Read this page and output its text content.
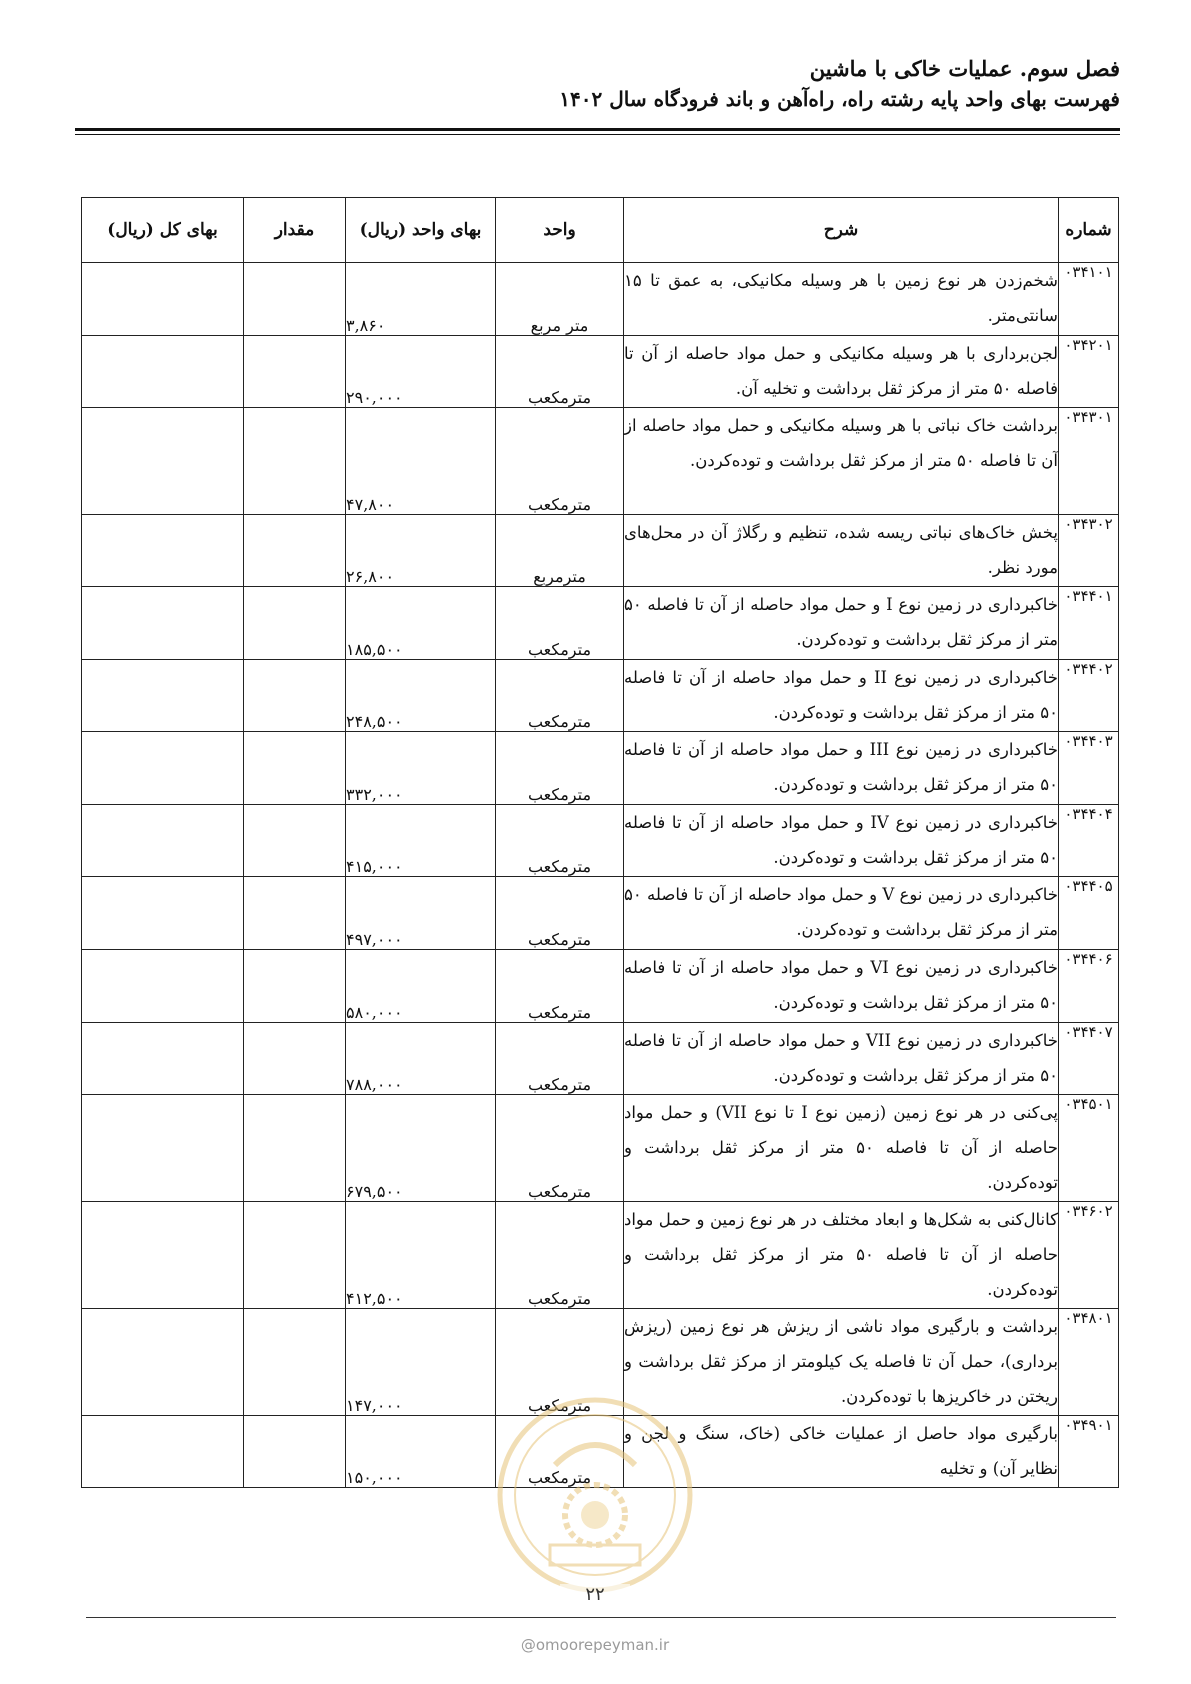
فصل سوم. عملیات خاکی با ماشین
فهرست بهای واحد پایه رشته راه، راه‌آهن و باند فرودگاه سال ۱۴۰۲
شماره	شرح	واحد	بهای واحد (ریال)	مقدار	بهای کل (ریال)
۰۳۴۱۰۱	شخم‌زدن هر نوع زمین با هر وسیله مکانیکی، به عمق تا ۱۵ سانتی‌متر.	متر مربع	۳,۸۶۰		
۰۳۴۲۰۱	لجن‌برداری با هر وسیله مکانیکی و حمل مواد حاصله از آن تا فاصله ۵۰ متر از مرکز ثقل برداشت و تخلیه آن.	مترمکعب	۲۹۰,۰۰۰		
۰۳۴۳۰۱	برداشت خاک نباتی با هر وسیله مکانیکی و حمل مواد حاصله از آن تا فاصله ۵۰ متر از مرکز ثقل برداشت و توده‌کردن.	مترمکعب	۴۷,۸۰۰		
۰۳۴۳۰۲	پخش خاک‌های نباتی ریسه شده، تنظیم و رگلاژ آن در محل‌های مورد نظر.	مترمربع	۲۶,۸۰۰		
۰۳۴۴۰۱	خاکبرداری در زمین نوع I و حمل مواد حاصله از آن تا فاصله ۵۰ متر از مرکز ثقل برداشت و توده‌کردن.	مترمکعب	۱۸۵,۵۰۰		
۰۳۴۴۰۲	خاکبرداری در زمین نوع II و حمل مواد حاصله از آن تا فاصله ۵۰ متر از مرکز ثقل برداشت و توده‌کردن.	مترمکعب	۲۴۸,۵۰۰		
۰۳۴۴۰۳	خاکبرداری در زمین نوع III و حمل مواد حاصله از آن تا فاصله ۵۰ متر از مرکز ثقل برداشت و توده‌کردن.	مترمکعب	۳۳۲,۰۰۰		
۰۳۴۴۰۴	خاکبرداری در زمین نوع IV و حمل مواد حاصله از آن تا فاصله ۵۰ متر از مرکز ثقل برداشت و توده‌کردن.	مترمکعب	۴۱۵,۰۰۰		
۰۳۴۴۰۵	خاکبرداری در زمین نوع V و حمل مواد حاصله از آن تا فاصله ۵۰ متر از مرکز ثقل برداشت و توده‌کردن.	مترمکعب	۴۹۷,۰۰۰		
۰۳۴۴۰۶	خاکبرداری در زمین نوع VI و حمل مواد حاصله از آن تا فاصله ۵۰ متر از مرکز ثقل برداشت و توده‌کردن.	مترمکعب	۵۸۰,۰۰۰		
۰۳۴۴۰۷	خاکبرداری در زمین نوع VII و حمل مواد حاصله از آن تا فاصله ۵۰ متر از مرکز ثقل برداشت و توده‌کردن.	مترمکعب	۷۸۸,۰۰۰		
۰۳۴۵۰۱	پی‌کنی در هر نوع زمین (زمین نوع I تا نوع VII) و حمل مواد حاصله از آن تا فاصله ۵۰ متر از مرکز ثقل برداشت و توده‌کردن.	مترمکعب	۶۷۹,۵۰۰		
۰۳۴۶۰۲	کانال‌کنی به شکل‌ها و ابعاد مختلف در هر نوع زمین و حمل مواد حاصله از آن تا فاصله ۵۰ متر از مرکز ثقل برداشت و توده‌کردن.	مترمکعب	۴۱۲,۵۰۰		
۰۳۴۸۰۱	برداشت و بارگیری مواد ناشی از ریزش هر نوع زمین (ریزش برداری)، حمل آن تا فاصله یک کیلومتر از مرکز ثقل برداشت و ریختن در خاکریزها با توده‌کردن.	مترمکعب	۱۴۷,۰۰۰		
۰۳۴۹۰۱	بارگیری مواد حاصل از عملیات خاکی (خاک، سنگ و لجن و نظایر آن) و تخلیه	مترمکعب	۱۵۰,۰۰۰		
۲۲
@omoorepeyman.ir
